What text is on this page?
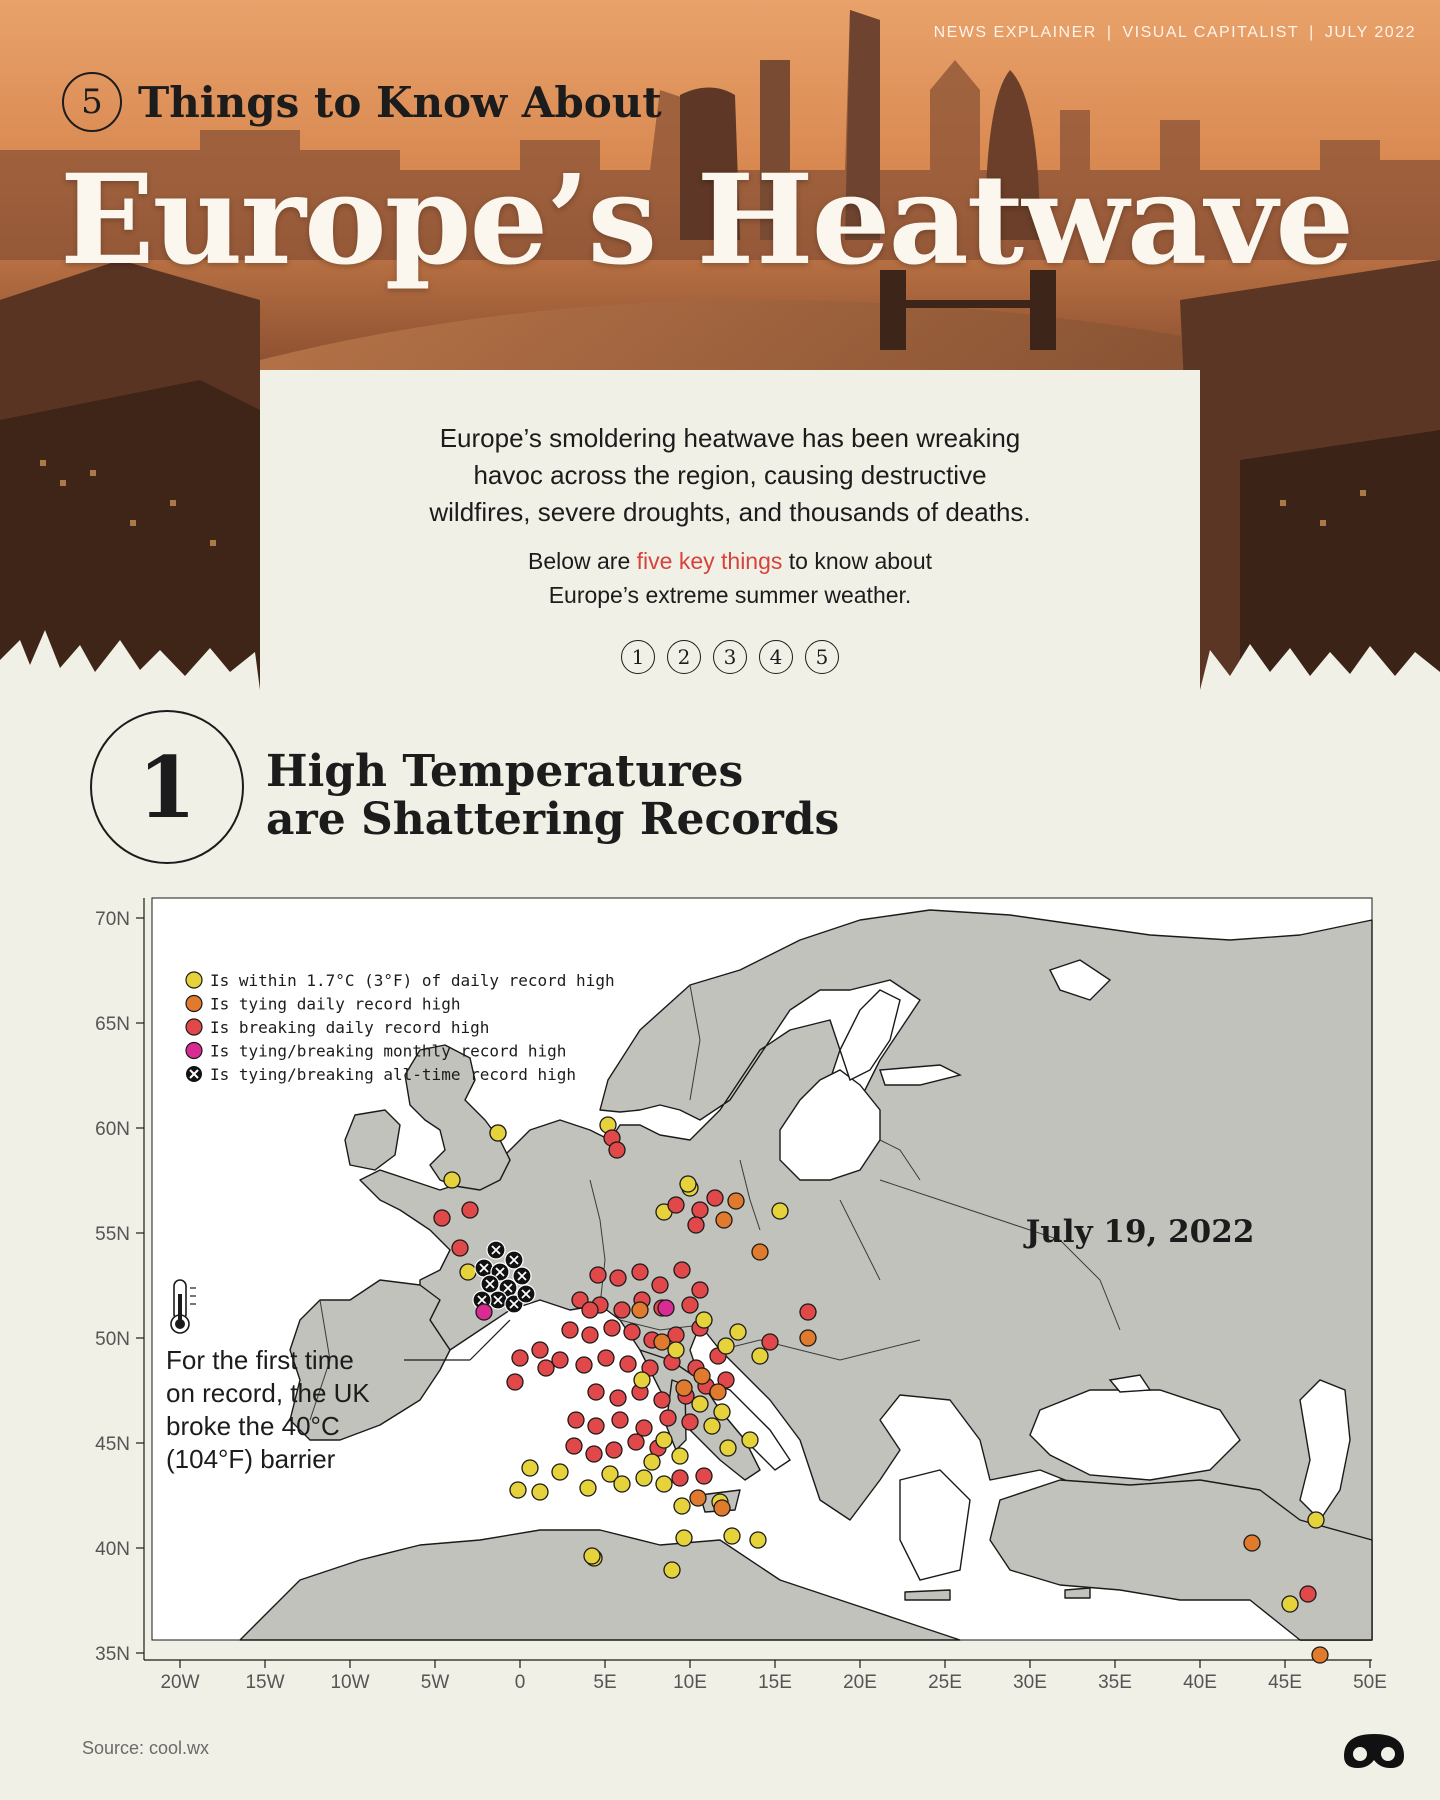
NEWS EXPLAINER | VISUAL CAPITALIST | JULY 2022
5 Things to Know About
Europe’s Heatwave

Europe’s smoldering heatwave has been wreaking
havoc across the region, causing destructive
wildfires, severe droughts, and thousands of deaths.

Below are five key things to know about
Europe’s extreme summer weather.

1	2	3	4	5
1	High Temperatures
are Shattering Records
70N
65N
60N
55N
50N
45N
40N
35N
20W 15W 10W	5W	0	5E	10E	15E	20E	25E	30E	35E	40E	45E	50E
Is within 1.7°C (3°F) of daily record high
Is tying daily record high
Is breaking daily record high
Is tying/breaking monthly record high
Is tying/breaking all-time record high
July 19, 2022
For the first time
on record, the UK
broke the 40°C
(104°F) barrier
Source: cool.wx
